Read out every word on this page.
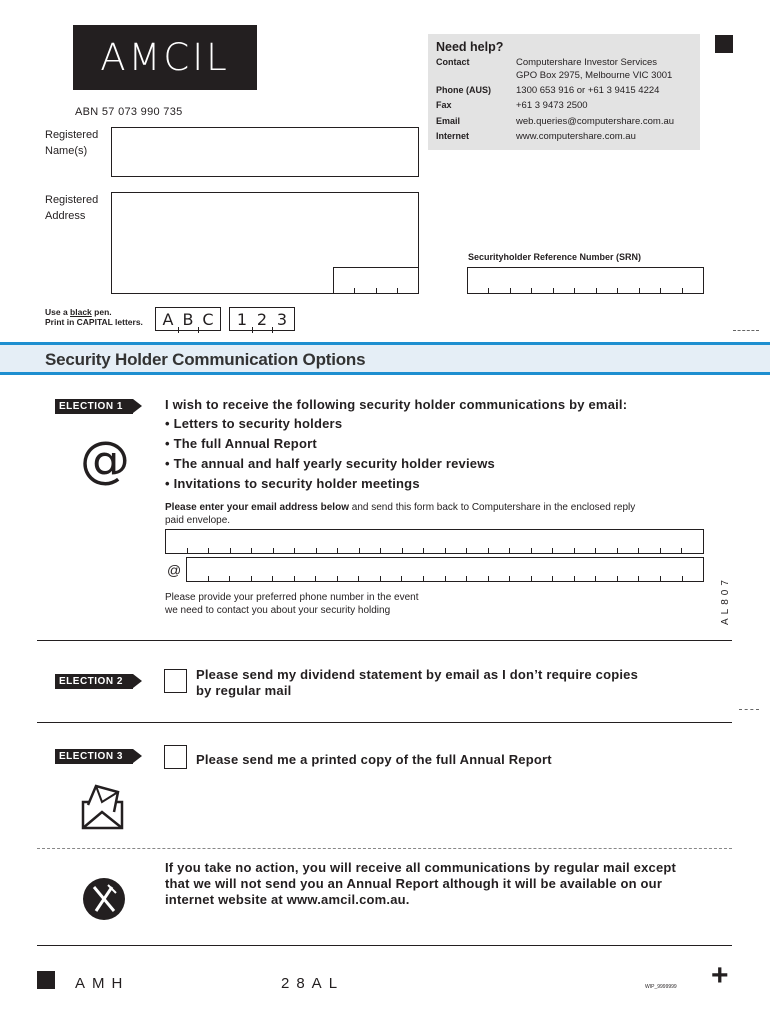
AMCIL
ABN 57 073 990 735
Need help?
Contact	Computershare Investor Services
GPO Box 2975, Melbourne VIC 3001
Phone (AUS)	1300 653 916 or +61 3 9415 4224
Fax	+61 3 9473 2500
Email	web.queries@computershare.com.au
Internet	www.computershare.com.au
Registered
Name(s)
Registered
Address
Securityholder Reference Number (SRN)
Use a black pen.
Print in CAPITAL letters. A B C	1 2 3
Security Holder Communication Options
ELECTION 1
@
I wish to receive the following security holder communications by email:
• Letters to security holders
• The full Annual Report
• The annual and half yearly security holder reviews
• Invitations to security holder meetings
Please enter your email address below and send this form back to Computershare in the enclosed reply
paid envelope.
@
Please provide your preferred phone number in the event
we need to contact you about your security holding	AL807
ELECTION 2	Please send my dividend statement by email as I don’t require copies
by regular mail
ELECTION 3	Please send me a printed copy of the full Annual Report
If you take no action, you will receive all communications by regular mail except
that we will not send you an Annual Report although it will be available on our
internet website at www.amcil.com.au.
AMH	28AL	WIP_9999999 +
